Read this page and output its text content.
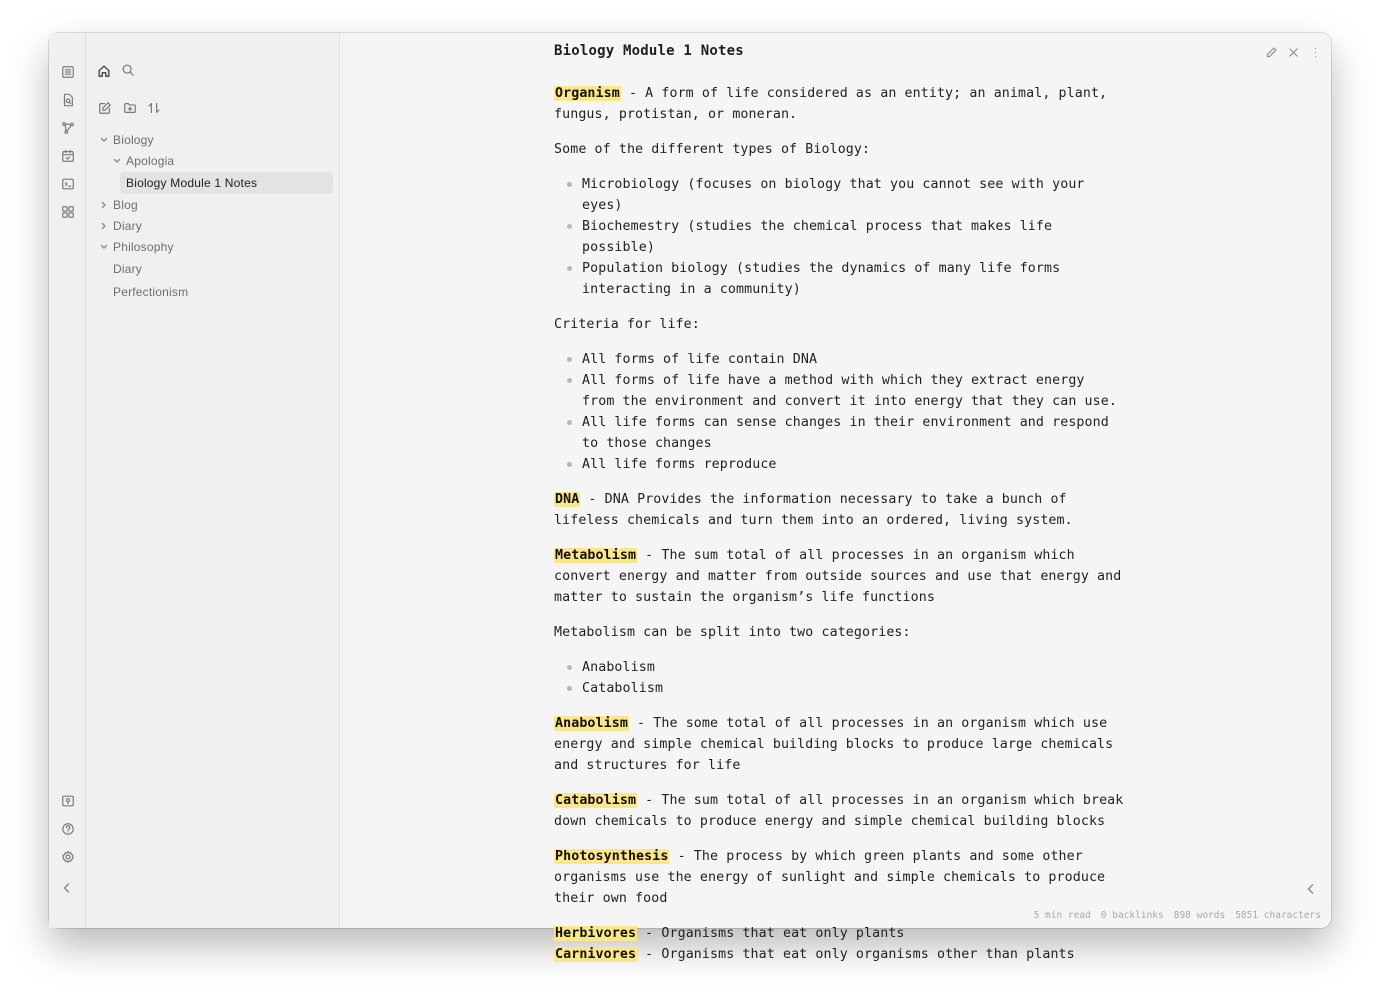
Biology
Apologia
Biology Module 1 Notes
Blog
Diary
Philosophy
Diary
Perfectionism
Biology Module 1 Notes

Organism - A form of life considered as an entity; an animal, plant, fungus, protistan, or moneran.

Some of the different types of Biology:

Microbiology (focuses on biology that you cannot see with your eyes)
Biochemestry (studies the chemical process that makes life possible)
Population biology (studies the dynamics of many life forms interacting in a community)

Criteria for life:

All forms of life contain DNA
All forms of life have a method with which they extract energy from the environment and convert it into energy that they can use.
All life forms can sense changes in their environment and respond to those changes
All life forms reproduce

DNA - DNA Provides the information necessary to take a bunch of lifeless chemicals and turn them into an ordered, living system.

Metabolism - The sum total of all processes in an organism which convert energy and matter from outside sources and use that energy and matter to sustain the organism’s life functions

Metabolism can be split into two categories:

Anabolism
Catabolism

Anabolism - The some total of all processes in an organism which use energy and simple chemical building blocks to produce large chemicals and structures for life

Catabolism - The sum total of all processes in an organism which break down chemicals to produce energy and simple chemical building blocks

Photosynthesis - The process by which green plants and some other organisms use the energy of sunlight and simple chemicals to produce their own food

Herbivores - Organisms that eat only plants

Carnivores - Organisms that eat only organisms other than plants

5 min read 0 backlinks 898 words 5851 characters
